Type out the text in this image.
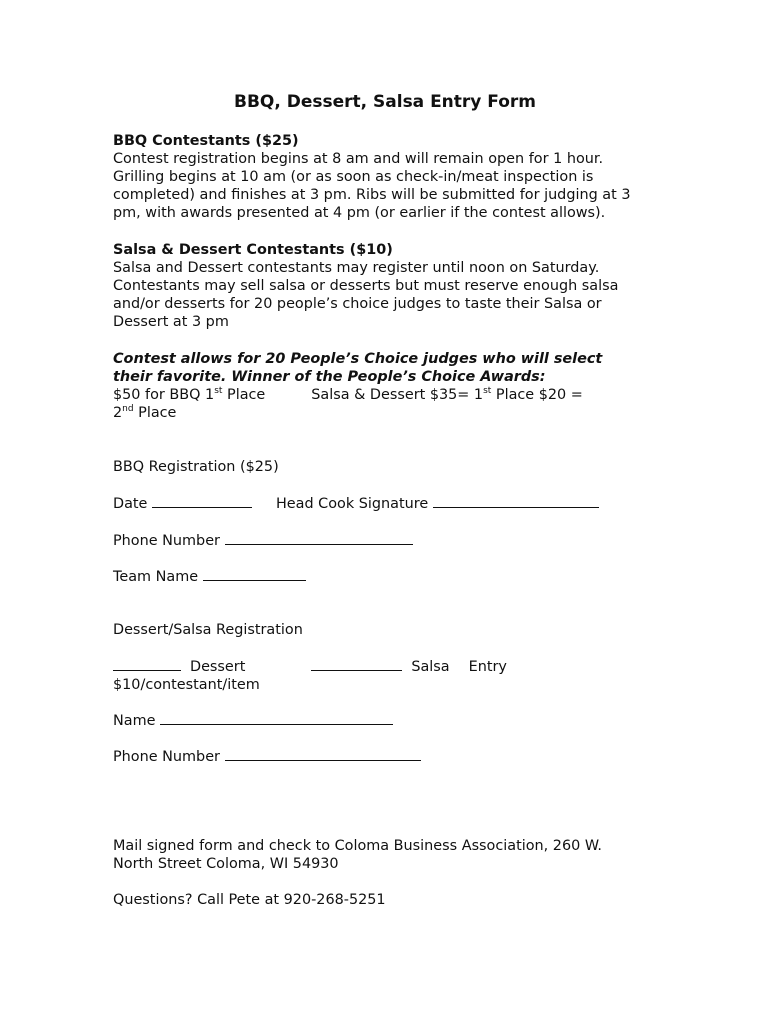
BBQ, Dessert, Salsa Entry Form
BBQ Contestants ($25)
Contest registration begins at 8 am and will remain open for 1 hour.
Grilling begins at 10 am (or as soon as check-in/meat inspection is
completed) and finishes at 3 pm. Ribs will be submitted for judging at 3
pm, with awards presented at 4 pm (or earlier if the contest allows).
Salsa & Dessert Contestants ($10)
Salsa and Dessert contestants may register until noon on Saturday.
Contestants may sell salsa or desserts but must reserve enough salsa
and/or desserts for 20 people’s choice judges to taste their Salsa or
Dessert at 3 pm
Contest allows for 20 People’s Choice judges who will select
their favorite. Winner of the People’s Choice Awards:
$50 for BBQ 1st Place	Salsa & Dessert $35= 1st Place $20 =
2nd Place
BBQ Registration ($25)
Date	Head Cook Signature
Phone Number
Team Name
Dessert/Salsa Registration
Dessert	Salsa Entry
$10/contestant/item
Name
Phone Number
Mail signed form and check to Coloma Business Association, 260 W.
North Street Coloma, WI 54930
Questions? Call Pete at 920-268-5251
